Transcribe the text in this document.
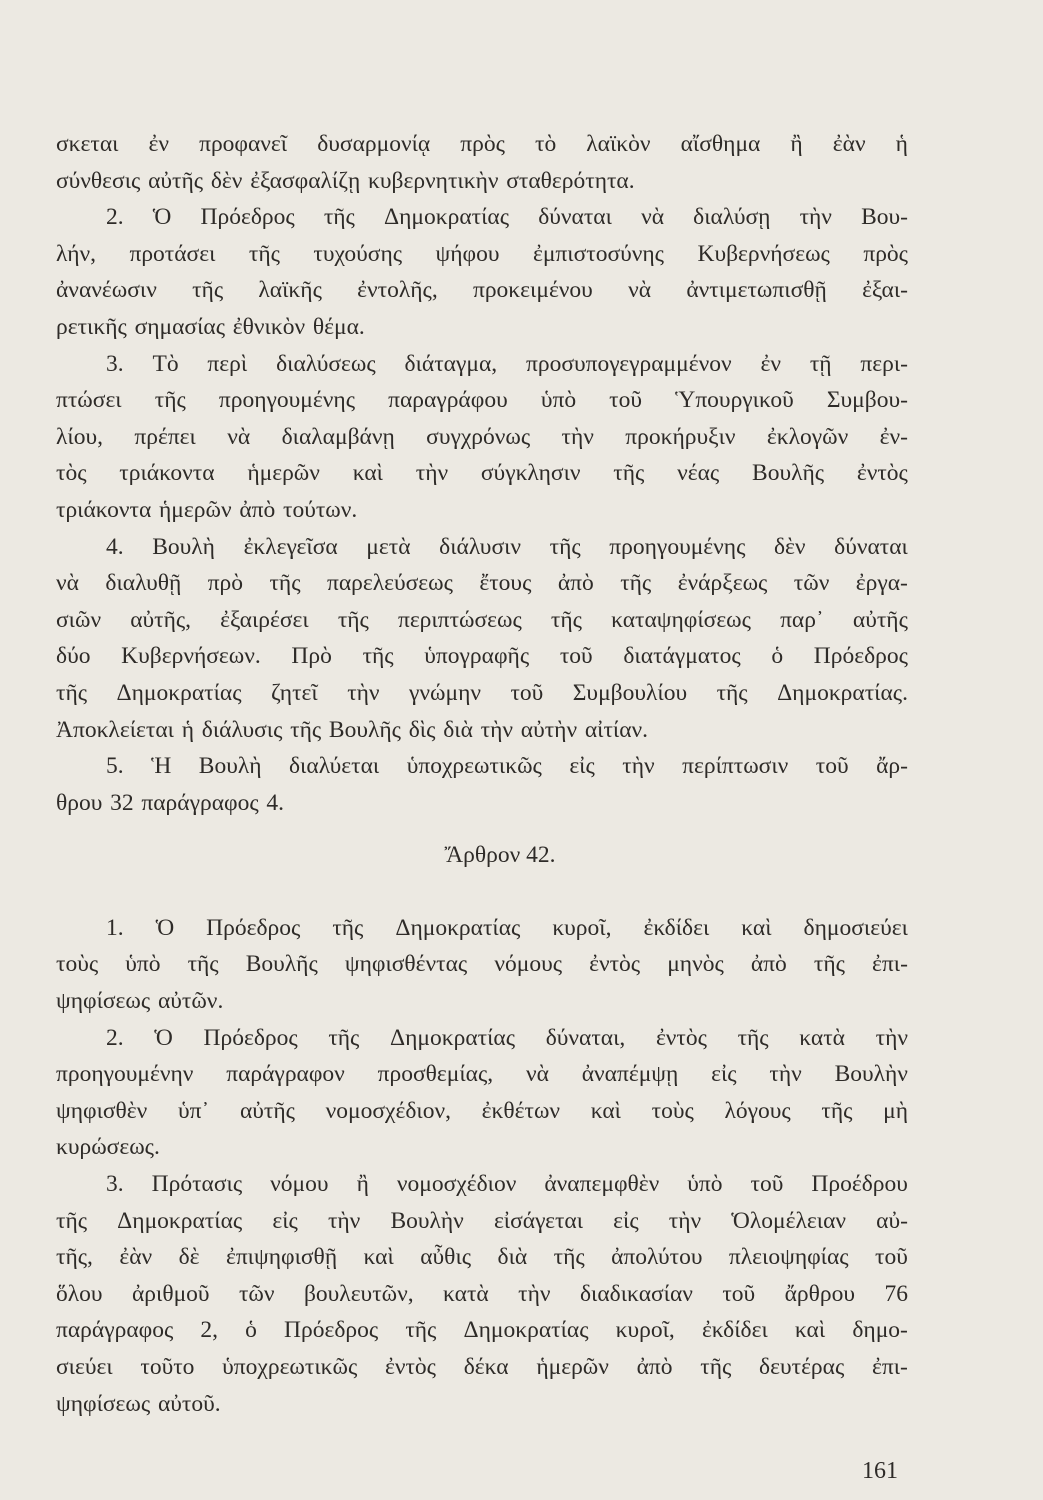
σκεται ἐν προφανεῖ δυσαρμονίᾳ πρὸς τὸ λαϊκὸν αἴσθημα ἢ ἐὰν ἡ
σύνθεσις αὐτῆς δὲν ἐξασφαλίζῃ κυβερνητικὴν σταθερότητα.
2. Ὁ Πρόεδρος τῆς Δημοκρατίας δύναται νὰ διαλύσῃ τὴν Βου-
λήν, προτάσει τῆς τυχούσης ψήφου ἐμπιστοσύνης Κυβερνήσεως πρὸς
ἀνανέωσιν τῆς λαϊκῆς ἐντολῆς, προκειμένου νὰ ἀντιμετωπισθῇ ἐξαι-
ρετικῆς σημασίας ἐθνικὸν θέμα.
3. Τὸ περὶ διαλύσεως διάταγμα, προσυπογεγραμμένον ἐν τῇ περι-
πτώσει τῆς προηγουμένης παραγράφου ὑπὸ τοῦ Ὑπουργικοῦ Συμβου-
λίου, πρέπει νὰ διαλαμβάνῃ συγχρόνως τὴν προκήρυξιν ἐκλογῶν ἐν-
τὸς τριάκοντα ἡμερῶν καὶ τὴν σύγκλησιν τῆς νέας Βουλῆς ἐντὸς
τριάκοντα ἡμερῶν ἀπὸ τούτων.
4. Βουλὴ ἐκλεγεῖσα μετὰ διάλυσιν τῆς προηγουμένης δὲν δύναται
νὰ διαλυθῇ πρὸ τῆς παρελεύσεως ἔτους ἀπὸ τῆς ἐνάρξεως τῶν ἐργα-
σιῶν αὐτῆς, ἐξαιρέσει τῆς περιπτώσεως τῆς καταψηφίσεως παρ᾿ αὐτῆς
δύο Κυβερνήσεων. Πρὸ τῆς ὑπογραφῆς τοῦ διατάγματος ὁ Πρόεδρος
τῆς Δημοκρατίας ζητεῖ τὴν γνώμην τοῦ Συμβουλίου τῆς Δημοκρατίας.
Ἀποκλείεται ἡ διάλυσις τῆς Βουλῆς δὶς διὰ τὴν αὐτὴν αἰτίαν.
5. Ἡ Βουλὴ διαλύεται ὑποχρεωτικῶς εἰς τὴν περίπτωσιν τοῦ ἄρ-
θρου 32 παράγραφος 4.
Ἄρθρον 42.
1. Ὁ Πρόεδρος τῆς Δημοκρατίας κυροῖ, ἐκδίδει καὶ δημοσιεύει
τοὺς ὑπὸ τῆς Βουλῆς ψηφισθέντας νόμους ἐντὸς μηνὸς ἀπὸ τῆς ἐπι-
ψηφίσεως αὐτῶν.
2. Ὁ Πρόεδρος τῆς Δημοκρατίας δύναται, ἐντὸς τῆς κατὰ τὴν
προηγουμένην παράγραφον προσθεμίας, νὰ ἀναπέμψῃ εἰς τὴν Βουλὴν
ψηφισθὲν ὑπ᾿ αὐτῆς νομοσχέδιον, ἐκθέτων καὶ τοὺς λόγους τῆς μὴ
κυρώσεως.
3. Πρότασις νόμου ἢ νομοσχέδιον ἀναπεμφθὲν ὑπὸ τοῦ Προέδρου
τῆς Δημοκρατίας εἰς τὴν Βουλὴν εἰσάγεται εἰς τὴν Ὁλομέλειαν αὐ-
τῆς, ἐὰν δὲ ἐπιψηφισθῇ καὶ αὖθις διὰ τῆς ἀπολύτου πλειοψηφίας τοῦ
ὅλου ἀριθμοῦ τῶν βουλευτῶν, κατὰ τὴν διαδικασίαν τοῦ ἄρθρου 76
παράγραφος 2, ὁ Πρόεδρος τῆς Δημοκρατίας κυροῖ, ἐκδίδει καὶ δημο-
σιεύει τοῦτο ὑποχρεωτικῶς ἐντὸς δέκα ἡμερῶν ἀπὸ τῆς δευτέρας ἐπι-
ψηφίσεως αὐτοῦ.
161
